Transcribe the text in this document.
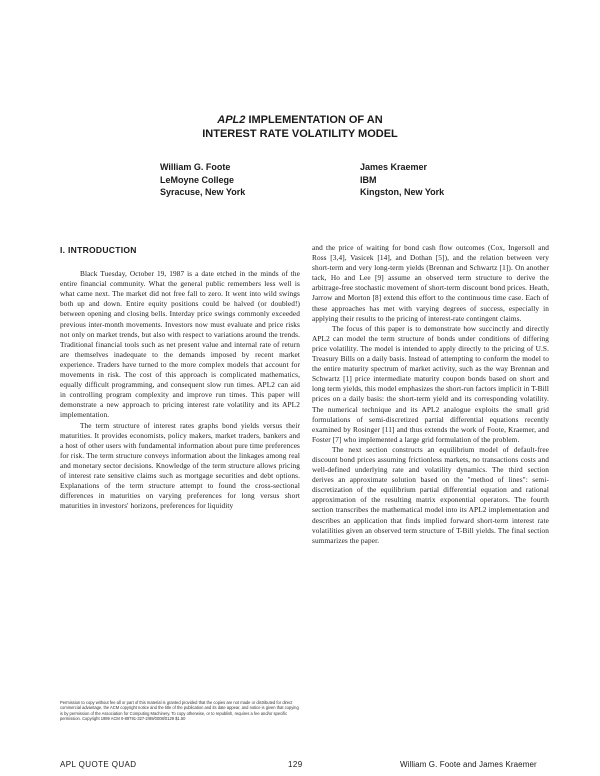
APL2 IMPLEMENTATION OF AN
INTEREST RATE VOLATILITY MODEL
William G. Foote
LeMoyne College
Syracuse, New York
James Kraemer
IBM
Kingston, New York
I. INTRODUCTION

Black Tuesday, October 19, 1987 is a date etched in the minds of the entire financial community. What the general public remembers less well is what came next. The market did not free fall to zero. It went into wild swings both up and down. Entire equity positions could be halved (or doubled!) between opening and closing bells. Interday price swings commonly exceeded previous inter-month movements. Investors now must evaluate and price risks not only on market trends, but also with respect to variations around the trends. Traditional financial tools such as net present value and internal rate of return are themselves inadequate to the demands imposed by recent market experience. Traders have turned to the more complex models that account for movements in risk. The cost of this approach is complicated mathematics, equally difficult programming, and consequent slow run times. APL2 can aid in controlling program complexity and improve run times. This paper will demonstrate a new approach to pricing interest rate volatility and its APL2 implementation.

The term structure of interest rates graphs bond yields versus their maturities. It provides economists, policy makers, market traders, bankers and a host of other users with fundamental information about pure time preferences for risk. The term structure conveys information about the linkages among real and monetary sector decisions. Knowledge of the term structure allows pricing of interest rate sensitive claims such as mortgage securities and debt options. Explanations of the term structure attempt to found the cross-sectional differences in maturities on varying preferences for long versus short maturities in investors' horizons, preferences for liquidity

and the price of waiting for bond cash flow outcomes (Cox, Ingersoll and Ross [3,4], Vasicek [14], and Dothan [5]), and the relation between very short-term and very long-term yields (Brennan and Schwartz [1]). On another tack, Ho and Lee [9] assume an observed term structure to derive the arbitrage-free stochastic movement of short-term discount bond prices. Heath, Jarrow and Morton [8] extend this effort to the continuous time case. Each of these approaches has met with varying degrees of success, especially in applying their results to the pricing of interest-rate contingent claims.

The focus of this paper is to demonstrate how succinctly and directly APL2 can model the term structure of bonds under conditions of differing price volatility. The model is intended to apply directly to the pricing of U.S. Treasury Bills on a daily basis. Instead of attempting to conform the model to the entire maturity spectrum of market activity, such as the way Brennan and Schwartz [1] price intermediate maturity coupon bonds based on short and long term yields, this model emphasizes the short-run factors implicit in T-Bill prices on a daily basis: the short-term yield and its corresponding volatility. The numerical technique and its APL2 analogue exploits the small grid formulations of semi-discretized partial differential equations recently examined by Rosinger [11] and thus extends the work of Foote, Kraemer, and Foster [7] who implemented a large grid formulation of the problem.

The next section constructs an equilibrium model of default-free discount bond prices assuming frictionless markets, no transactions costs and well-defined underlying rate and volatility dynamics. The third section derives an approximate solution based on the "method of lines": semi-discretization of the equilibrium partial differential equation and rational approximation of the resulting matrix exponential operators. The fourth section transcribes the mathematical model into its APL2 implementation and describes an application that finds implied forward short-term interest rate volatilities given an observed term structure of T-Bill yields. The final section summarizes the paper.

Permission to copy without fee all or part of this material is granted provided that the copies are not made or distributed for direct commercial advantage, the ACM copyright notice and the title of the publication and its date appear, and notice is given that copying is by permission of the Association for Computing Machinery. To copy otherwise, or to republish, requires a fee and/or specific permission. Copyright 1989 ACM 0-89791-327-2/89/0008/0129 $1.50
APL QUOTE QUAD	129	William G. Foote and James Kraemer
